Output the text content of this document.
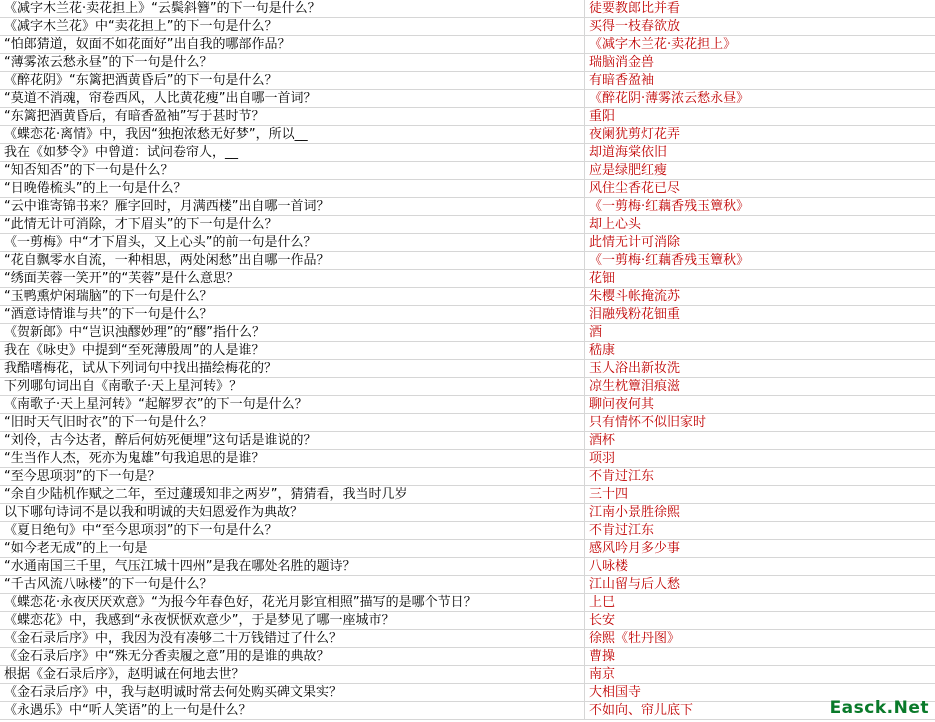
《减字木兰花·卖花担上》“云鬓斜簪”的下一句是什么？	徒要教郎比并看
《减字木兰花》中“卖花担上”的下一句是什么？	买得一枝春欲放
“怕郎猜道，奴面不如花面好”出自我的哪部作品？	《减字木兰花·卖花担上》
“薄雾浓云愁永昼”的下一句是什么？	瑞脑消金兽
《醉花阴》“东篱把酒黄昏后”的下一句是什么？	有暗香盈袖
“莫道不消魂，帘卷西风，人比黄花瘦”出自哪一首词？	《醉花阴·薄雾浓云愁永昼》
“东篱把酒黄昏后，有暗香盈袖”写于甚时节？	重阳
《蝶恋花·离情》中，我因“独抱浓愁无好梦”，所以__	夜阑犹剪灯花弄
我在《如梦令》中曾道：试问卷帘人，__	却道海棠依旧
“知否知否”的下一句是什么？	应是绿肥红瘦
“日晚倦梳头”的上一句是什么？	风住尘香花已尽
“云中谁寄锦书来？雁字回时，月满西楼”出自哪一首词？	《一剪梅·红藕香残玉簟秋》
“此情无计可消除，才下眉头”的下一句是什么？	却上心头
《一剪梅》中“才下眉头，又上心头”的前一句是什么？	此情无计可消除
“花自飘零水自流，一种相思，两处闲愁”出自哪一作品？	《一剪梅·红藕香残玉簟秋》
“绣面芙蓉一笑开”的“芙蓉”是什么意思？	花钿
“玉鸭熏炉闲瑞脑”的下一句是什么？	朱樱斗帐掩流苏
“酒意诗情谁与共”的下一句是什么？	泪融残粉花钿重
《贺新郎》中“岂识浊醪妙理”的“醪”指什么？	酒
我在《咏史》中提到“至死薄殷周”的人是谁？	嵇康
我酷嗜梅花，试从下列词句中找出描绘梅花的？	玉人浴出新妆洗
下列哪句词出自《南歌子·天上星河转》？	凉生枕簟泪痕滋
《南歌子·天上星河转》“起解罗衣”的下一句是什么？	聊问夜何其
“旧时天气旧时衣”的下一句是什么？	只有情怀不似旧家时
“刘伶，古今达者，醉后何妨死便埋”这句话是谁说的？	酒杯
“生当作人杰，死亦为鬼雄”句我追思的是谁？	项羽
“至今思项羽”的下一句是？	不肯过江东
“余自少陆机作赋之二年，至过蘧瑗知非之两岁”，猜猜看，我当时几岁	三十四
以下哪句诗词不是以我和明诚的夫妇恩爱作为典故？	江南小景胜徐熙
《夏日绝句》中“至今思项羽”的下一句是什么？	不肯过江东
“如今老无成”的上一句是	感风吟月多少事
“水通南国三千里，气压江城十四州”是我在哪处名胜的题诗？	八咏楼
“千古风流八咏楼”的下一句是什么？	江山留与后人愁
《蝶恋花·永夜厌厌欢意》“为报今年春色好，花光月影宜相照”描写的是哪个节日？	上巳
《蝶恋花》中，我感到“永夜恹恹欢意少”，于是梦见了哪一座城市？	长安
《金石录后序》中，我因为没有凑够二十万钱错过了什么？	徐熙《牡丹图》
《金石录后序》中“殊无分香卖履之意”用的是谁的典故？	曹操
根据《金石录后序》，赵明诚在何地去世？	南京
《金石录后序》中，我与赵明诚时常去何处购买碑文果实？	大相国寺
《永遇乐》中“听人笑语”的上一句是什么？	不如向、帘儿底下	Easck.Net
